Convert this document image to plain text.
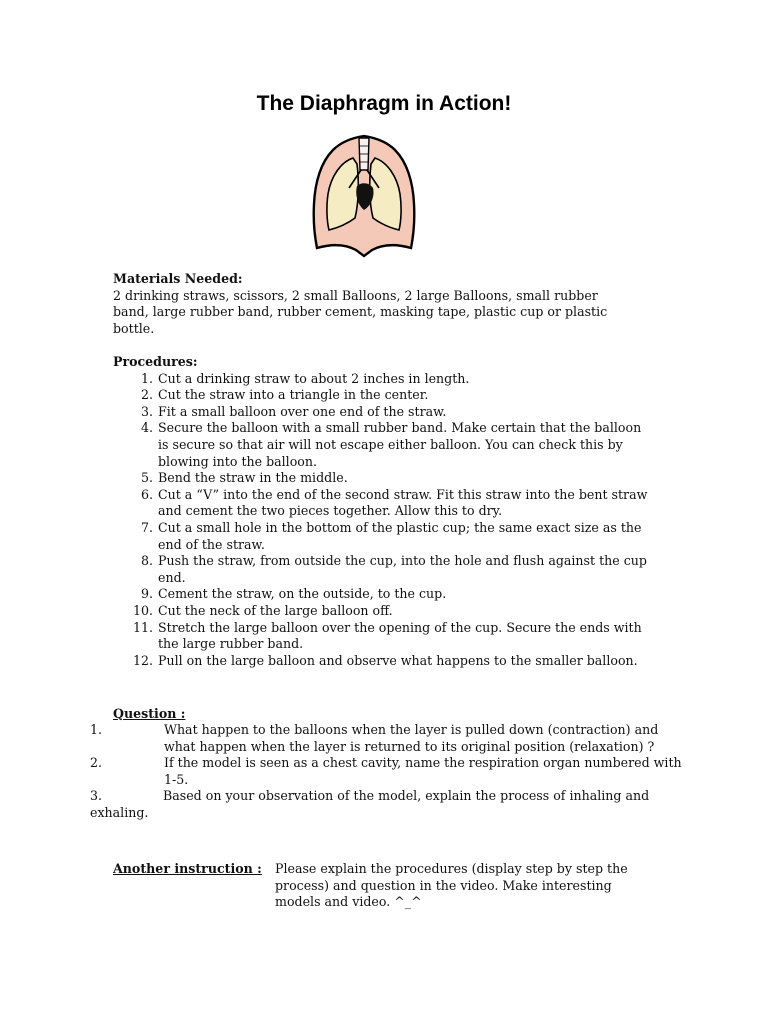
The Diaphragm in Action!
Materials Needed:
2 drinking straws, scissors, 2 small Balloons, 2 large Balloons, small rubber band, large rubber band, rubber cement, masking tape, plastic cup or plastic bottle.
Procedures:
1. Cut a drinking straw to about 2 inches in length.
2. Cut the straw into a triangle in the center.
3. Fit a small balloon over one end of the straw.
4. Secure the balloon with a small rubber band. Make certain that the balloon is secure so that air will not escape either balloon. You can check this by blowing into the balloon.
5. Bend the straw in the middle.
6. Cut a “V” into the end of the second straw. Fit this straw into the bent straw and cement the two pieces together. Allow this to dry.
7. Cut a small hole in the bottom of the plastic cup; the same exact size as the end of the straw.
8. Push the straw, from outside the cup, into the hole and flush against the cup end.
9. Cement the straw, on the outside, to the cup.
10. Cut the neck of the large balloon off.
11. Stretch the large balloon over the opening of the cup. Secure the ends with the large rubber band.
12. Pull on the large balloon and observe what happens to the smaller balloon.
Question :
1.	What happen to the balloons when the layer is pulled down (contraction) and what happen when the layer is returned to its original position (relaxation) ?
2.	If the model is seen as a chest cavity, name the respiration organ numbered with 1-5.
3.	Based on your observation of the model, explain the process of inhaling and exhaling.
Another instruction : Please explain the procedures (display step by step the process) and question in the video. Make interesting models and video. ^_^
